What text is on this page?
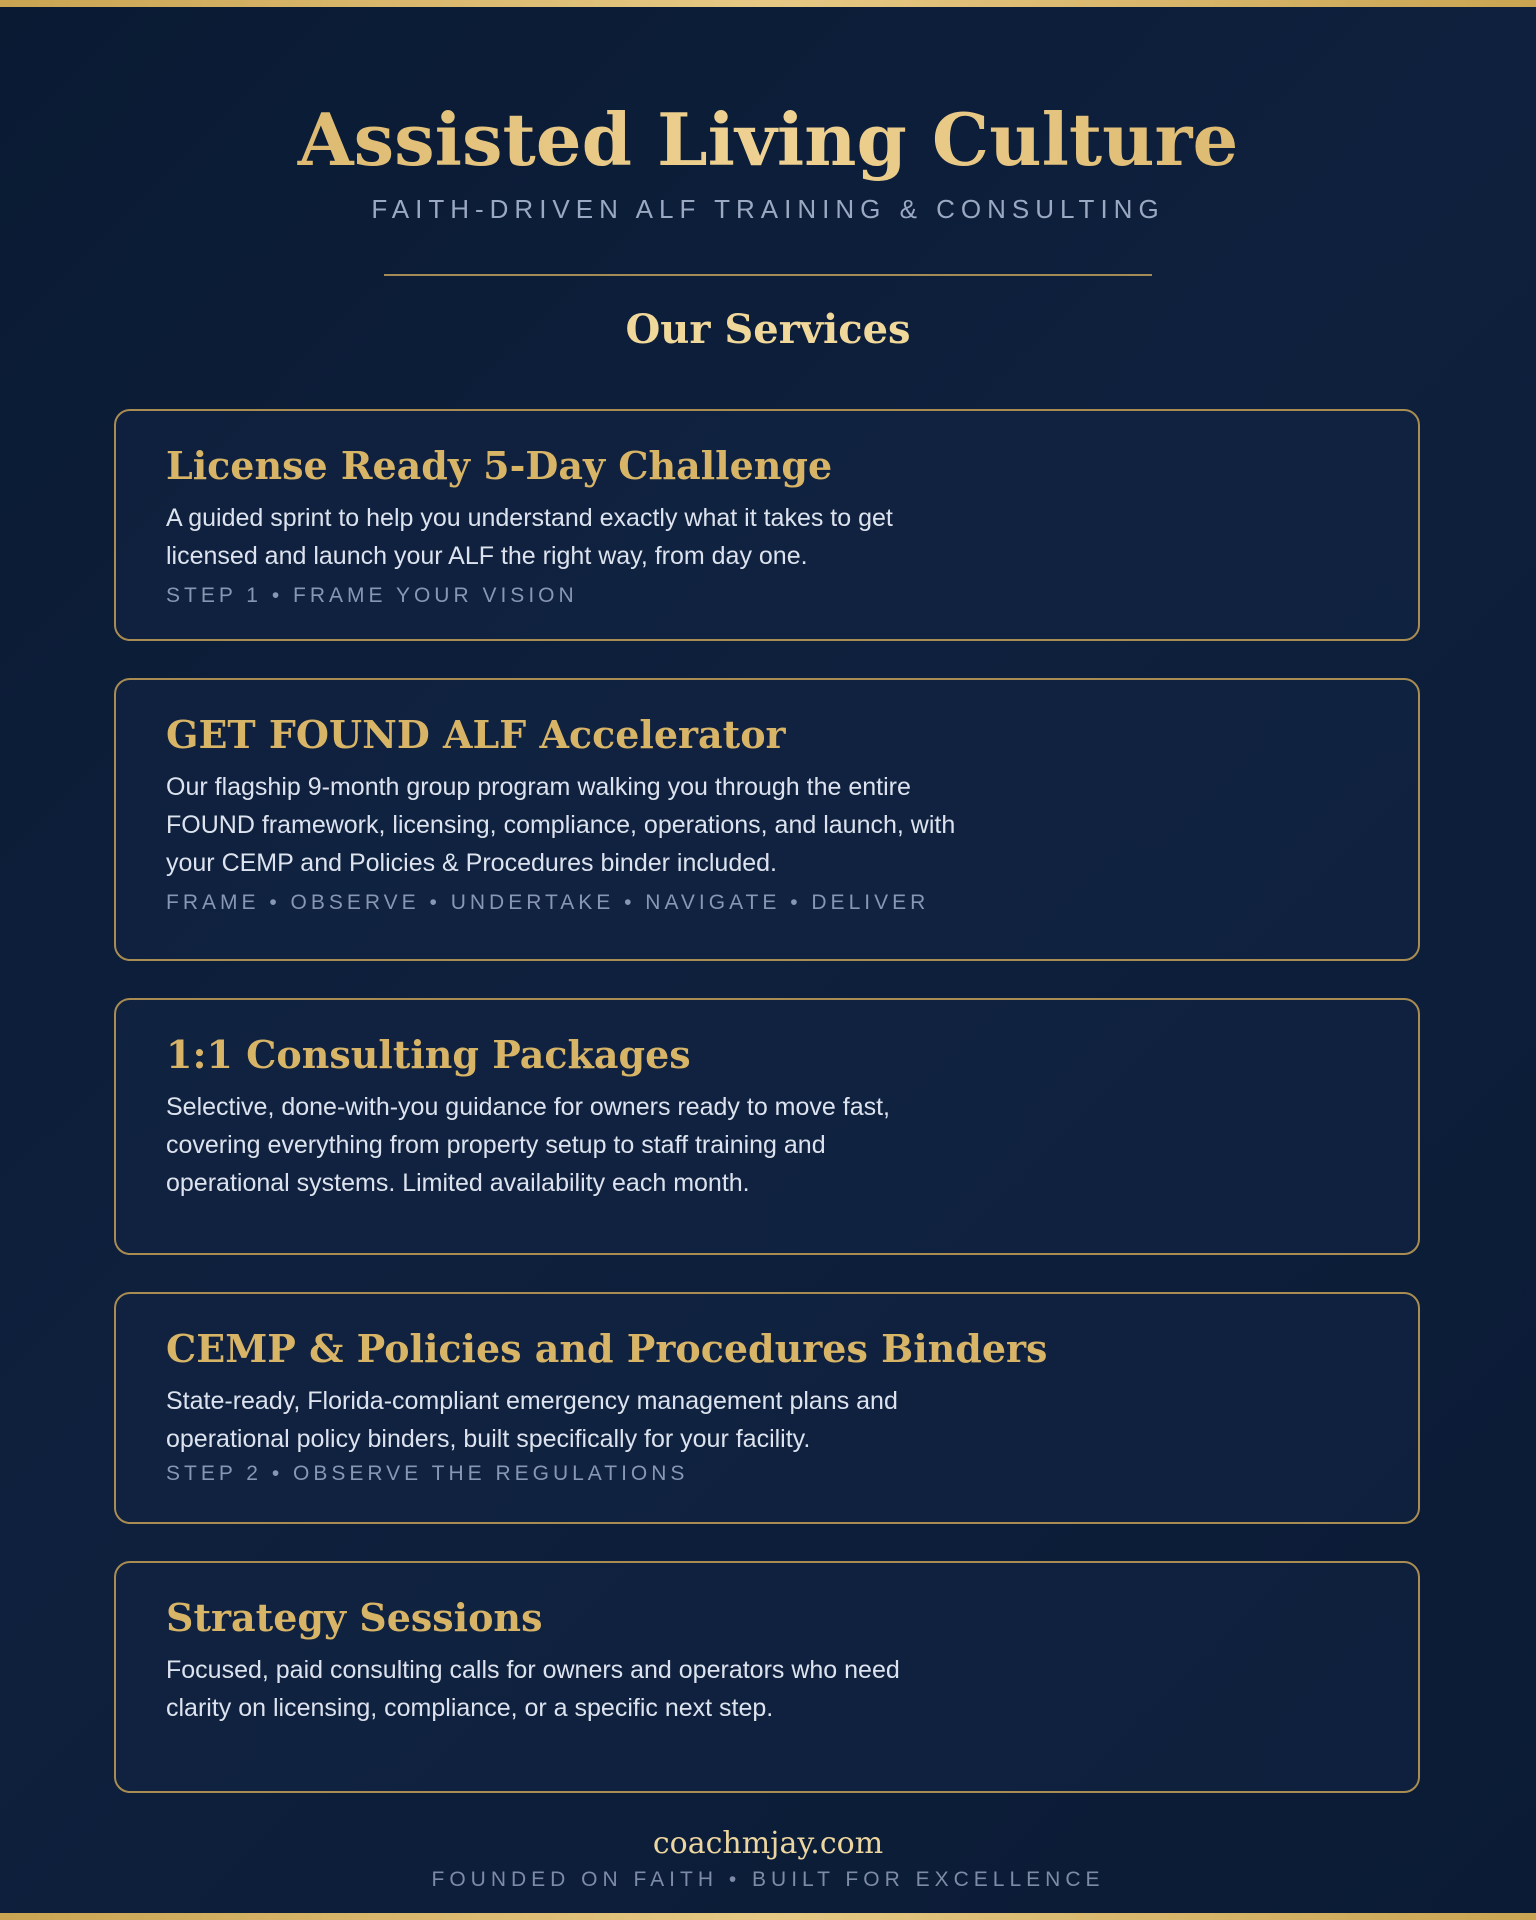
Assisted Living Culture
FAITH-DRIVEN ALF TRAINING & CONSULTING
Our Services
License Ready 5-Day Challenge
A guided sprint to help you understand exactly what it takes to get licensed and launch your ALF the right way, from day one.
STEP 1 • FRAME YOUR VISION
GET FOUND ALF Accelerator
Our flagship 9-month group program walking you through the entire FOUND framework, licensing, compliance, operations, and launch, with your CEMP and Policies & Procedures binder included.
FRAME • OBSERVE • UNDERTAKE • NAVIGATE • DELIVER
1:1 Consulting Packages
Selective, done-with-you guidance for owners ready to move fast, covering everything from property setup to staff training and operational systems. Limited availability each month.
CEMP & Policies and Procedures Binders
State-ready, Florida-compliant emergency management plans and operational policy binders, built specifically for your facility.
STEP 2 • OBSERVE THE REGULATIONS
Strategy Sessions
Focused, paid consulting calls for owners and operators who need clarity on licensing, compliance, or a specific next step.
coachmjay.com
FOUNDED ON FAITH • BUILT FOR EXCELLENCE
